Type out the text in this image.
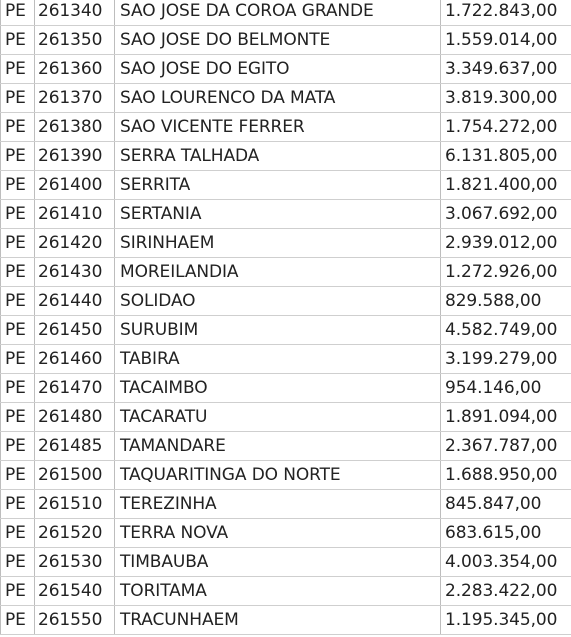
PE	261340	SAO JOSE DA COROA GRANDE	1.722.843,00
PE	261350	SAO JOSE DO BELMONTE	1.559.014,00
PE	261360	SAO JOSE DO EGITO	3.349.637,00
PE	261370	SAO LOURENCO DA MATA	3.819.300,00
PE	261380	SAO VICENTE FERRER	1.754.272,00
PE	261390	SERRA TALHADA	6.131.805,00
PE	261400	SERRITA	1.821.400,00
PE	261410	SERTANIA	3.067.692,00
PE	261420	SIRINHAEM	2.939.012,00
PE	261430	MOREILANDIA	1.272.926,00
PE	261440	SOLIDAO	829.588,00
PE	261450	SURUBIM	4.582.749,00
PE	261460	TABIRA	3.199.279,00
PE	261470	TACAIMBO	954.146,00
PE	261480	TACARATU	1.891.094,00
PE	261485	TAMANDARE	2.367.787,00
PE	261500	TAQUARITINGA DO NORTE	1.688.950,00
PE	261510	TEREZINHA	845.847,00
PE	261520	TERRA NOVA	683.615,00
PE	261530	TIMBAUBA	4.003.354,00
PE	261540	TORITAMA	2.283.422,00
PE	261550	TRACUNHAEM	1.195.345,00
